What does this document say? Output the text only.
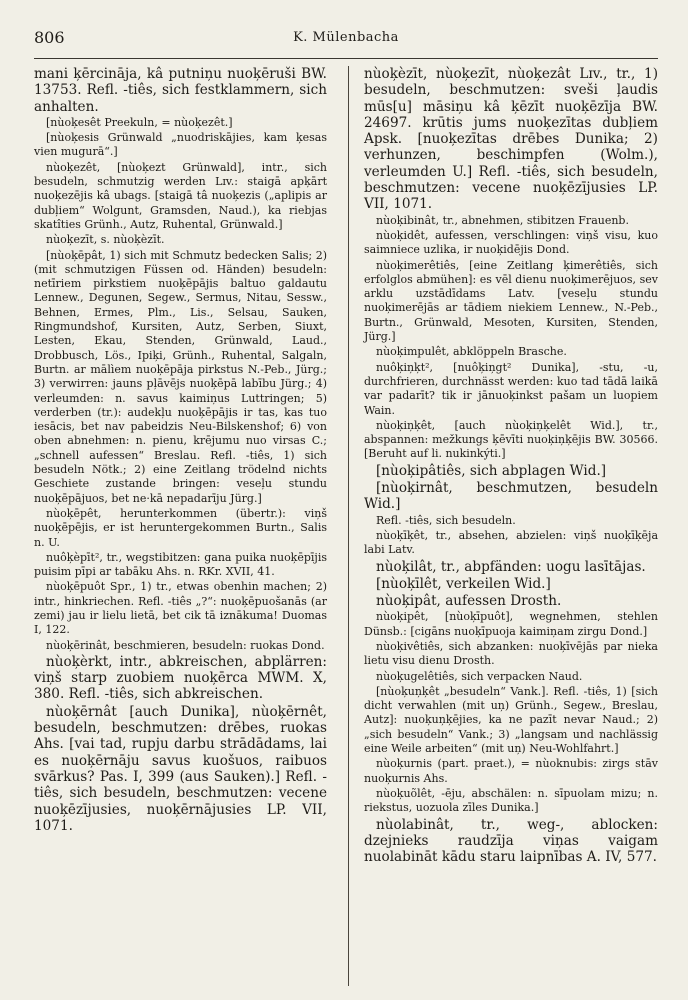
806	K. Mülenbacha

mani ķērcināja, kâ putniņu nuoķēruši BW. 13753. Refl. -tiês, sich festklammern, sich anhalten.

[nùoķesêt Preekuln, = nùoķezêt.]

[nùoķesis Grünwald „nuodriskājies, kam ķesas vien mugurā“.]

nùoķezêt, [nùoķezt Grünwald], intr., sich besudeln, schmutzig werden Lɪv.: staigā apķārt nuoķezējis kâ ubags. [staigā tâ nuoķezis („aplipis ar dubļiem“ Wolgunt, Gramsden, Naud.), ka riebjas skatîties Grünh., Autz, Ruhental, Grünwald.]

nùoķezīt, s. nùoķèzīt.

[nùoķēpât, 1) sich mit Schmutz bedecken Salis; 2) (mit schmutzigen Füssen od. Händen) besudeln: netīriem pirkstiem nuoķēpājis baltuo galdautu Lennew., Degunen, Segew., Sermus, Nitau, Sessw., Behnen, Ermes, Plm., Lis., Selsau, Sauken, Ringmundshof, Kursiten, Autz, Serben, Siuxt, Lesten, Ekau, Stenden, Grünwald, Laud., Drobbusch, Lös., Ipiķi, Grünh., Ruhental, Salgaln, Burtn. ar mālìem nuoķēpāja pirkstus N.-Peb., Jürg.; 3) verwirren: jauns pļāvējs nuoķēpā labību Jürg.; 4) verleumden: n. savus kaimiņus Luttringen; 5) verderben (tr.): audekļu nuoķēpājis ir tas, kas tuo iesācis, bet nav pabeidzis Neu-Bilskenshof; 6) von oben abnehmen: n. pienu, krējumu nuo virsas C.; „schnell aufessen“ Breslau. Refl. -tiês, 1) sich besudeln Nötk.; 2) eine Zeitlang trödelnd nichts Geschiete zustande bringen: veseļu stundu nuoķēpājuos, bet ne·kā nepadarīju Jürg.]

nùoķēpêt, herunterkommen (übertr.): viņš nuoķēpējis, er ist heruntergekommen Burtn., Salis n. U.

nuôķèpīt², tr., wegstibitzen: gana puika nuoķēpījis puisim pīpi ar tabāku Ahs. n. RKr. XVII, 41.

nùoķēpuôt Spr., 1) tr., etwas obenhin machen; 2) intr., hinkriechen. Refl. -tiês „?“: nuoķēpuošanās (ar zemi) jau ir lielu lietā, bet cik tā iznākuma! Duomas I, 122.

nùoķērinât, beschmieren, besudeln: ruokas Dond.

nùoķèrkt, intr., abkreischen, abplärren: viņš starp zuobiem nuoķērca MWM. X, 380. Refl. -tiês, sich abkreischen.

nùoķērnât [auch Dunika], nùoķērnêt, besudeln, beschmutzen: drēbes, ruokas Ahs. [vai tad, rupju darbu strādādams, lai es nuoķērnāju savus kuošuos, raibuos svārkus? Pas. I, 399 (aus Sauken).] Refl. -tiês, sich besudeln, beschmutzen: vecene nuoķēzījusies, nuoķērnājusies LP. VII, 1071.

nùoķèzīt, nùoķezīt, nùoķezât Lɪv., tr., 1) besudeln, beschmutzen: sveši ļaudis mūs[u] māsiņu kâ ķēzīt nuoķēzīja BW. 24697. krūtis jums nuoķezītas dubļiem Apsk. [nuoķezītas drēbes Dunika; 2) verhunzen, beschimpfen (Wolm.), verleumden U.] Refl. -tiês, sich besudeln, beschmutzen: vecene nuoķēzījusies LP. VII, 1071.

nùoķibinât, tr., abnehmen, stibitzen Frauenb.

nùoķidêt, aufessen, verschlingen: viņš visu, kuo saimniece uzlika, ir nuoķidējis Dond.

nùoķimerêtiês, [eine Zeitlang ķimerêtiês, sich erfolglos abmühen]: es vēl dienu nuoķimerējuos, sev arklu uzstādīdams Latv. [veseļu stundu nuoķimerējās ar tādiem niekiem Lennew., N.-Peb., Burtn., Grünwald, Mesoten, Kursiten, Stenden, Jürg.]

nùoķimpulêt, abklöppeln Brasche.

nuôķiņķt², [nuôķiņgt² Dunika], -stu, -u, durchfrieren, durchnässt werden: kuo tad tādā laikā var padarīt? tik ir jānuoķinkst pašam un luopiem Wain.

nùoķiņķêt, [auch nùoķiņķelêt Wid.], tr., abspannen: mežkungs ķēvīti nuoķiņķējis BW. 30566. [Beruht auf li. nukinkýti.]

[nùoķipâtiês, sich abplagen Wid.]

[nùoķirnât, beschmutzen, besudeln Wid.]

Refl. -tiês, sich besudeln.

nùoķīķêt, tr., absehen, abzielen: viņš nuoķīķēja labi Latv.

nùoķilât, tr., abpfänden: uogu lasītājas.

[nùoķīlêt, verkeilen Wid.]

nùoķipât, aufessen Drosth.

nùoķipêt, [nùoķīpuôt], wegnehmen, stehlen Dünsb.: [cigāns nuoķīpuoja kaimiņam zirgu Dond.]

nùoķivêtiês, sich abzanken: nuoķīvējās par nieka lietu visu dienu Drosth.

nùoķugelêtiês, sich verpacken Naud.

[nùoķuņķêt „besudeln“ Vank.]. Refl. -tiês, 1) [sich dicht verwahlen (mit uņ) Grünh., Segew., Breslau, Autz]: nuoķuņķējies, ka ne pazīt nevar Naud.; 2) „sich besudeln“ Vank.; 3) „langsam und nachlässig eine Weile arbeiten“ (mit uņ) Neu-Wohlfahrt.]

nùoķurnis (part. praet.), = nùoknubis: zirgs stāv nuoķurnis Ahs.

nùoķuõlêt, -ēju, abschälen: n. sīpuolam mizu; n. riekstus, uozuola zīles Dunika.]

nùolabinât, tr., weg-, ablocken: dzejnieks raudzīja viņas vaigam nuolabināt kādu staru laipnības A. IV, 577.
